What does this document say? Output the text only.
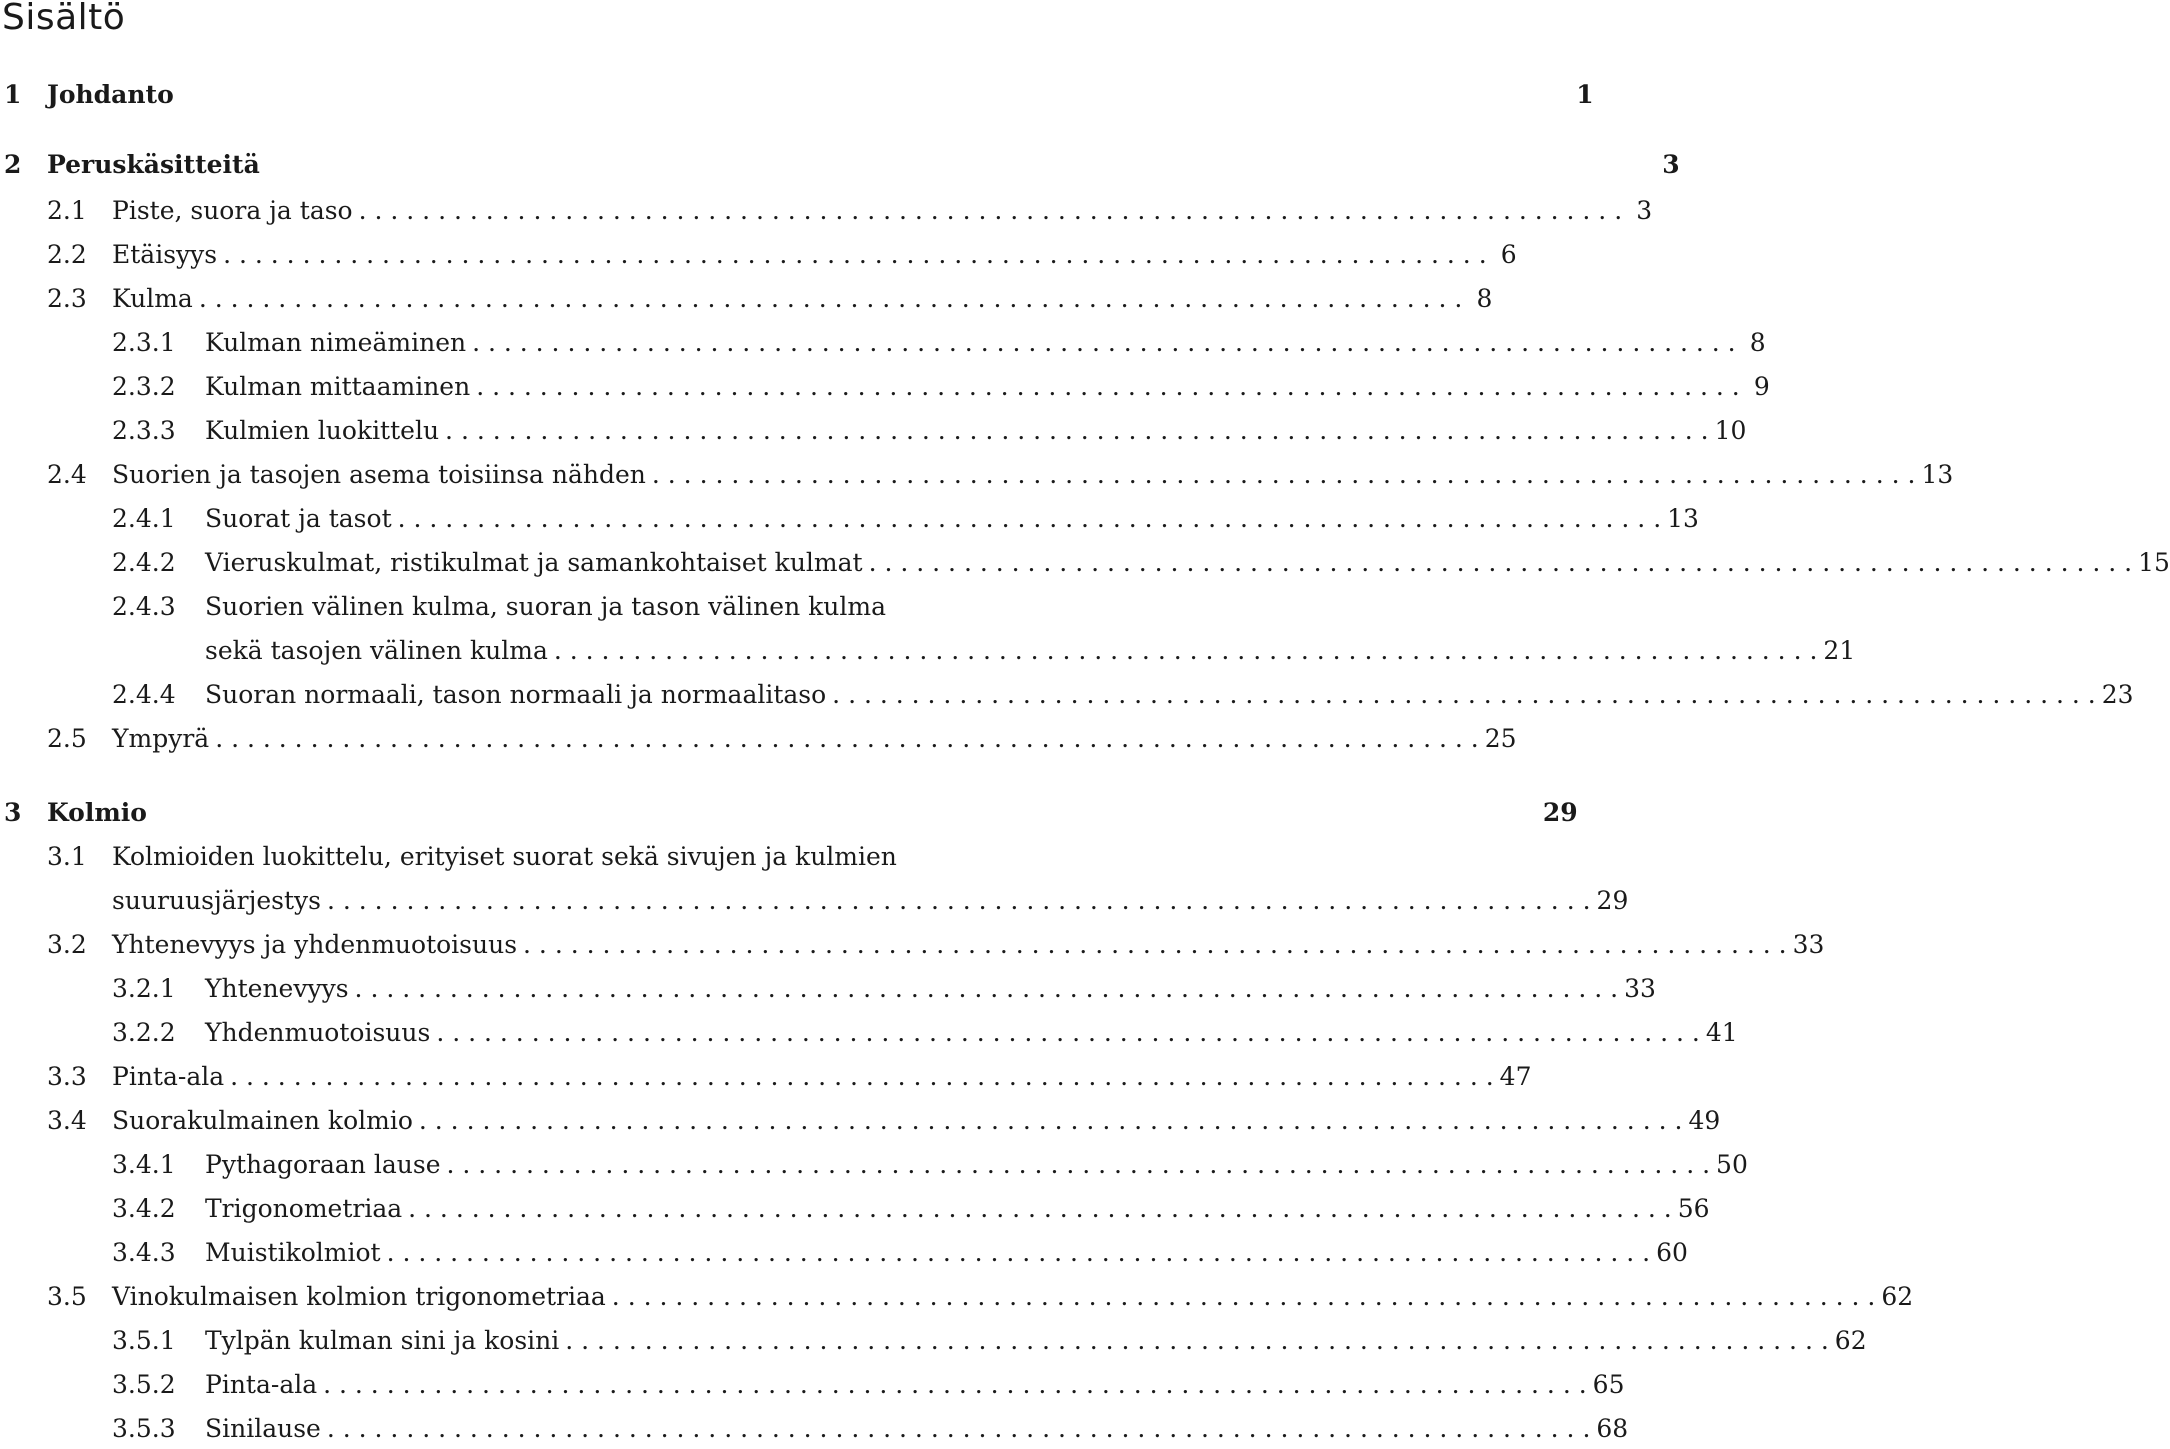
Sisältö
1 Johdanto	1
2 Peruskäsitteitä	3
2.1 Piste, suora ja taso . . . . . . . . . . . . . . . . . . . . . . . . . . . . . . . . . . . . . . . . . . . . . . . . . . . . . . . . . . . . . . . . . . . . . . . . . . . . . . . . 3
2.2 Etäisyys . . . . . . . . . . . . . . . . . . . . . . . . . . . . . . . . . . . . . . . . . . . . . . . . . . . . . . . . . . . . . . . . . . . . . . . . . . . . . . . . 6
2.3 Kulma . . . . . . . . . . . . . . . . . . . . . . . . . . . . . . . . . . . . . . . . . . . . . . . . . . . . . . . . . . . . . . . . . . . . . . . . . . . . . . . . 8
2.3.1 Kulman nimeäminen . . . . . . . . . . . . . . . . . . . . . . . . . . . . . . . . . . . . . . . . . . . . . . . . . . . . . . . . . . . . . . . . . . . . . . . . . . . . . . . . 8
2.3.2 Kulman mittaaminen . . . . . . . . . . . . . . . . . . . . . . . . . . . . . . . . . . . . . . . . . . . . . . . . . . . . . . . . . . . . . . . . . . . . . . . . . . . . . . . . 9
2.3.3 Kulmien luokittelu . . . . . . . . . . . . . . . . . . . . . . . . . . . . . . . . . . . . . . . . . . . . . . . . . . . . . . . . . . . . . . . . . . . . . . . . . . . . . . . . 10
2.4 Suorien ja tasojen asema toisiinsa nähden . . . . . . . . . . . . . . . . . . . . . . . . . . . . . . . . . . . . . . . . . . . . . . . . . . . . . . . . . . . . . . . . . . . . . . . . . . . . . . . . 13
2.4.1 Suorat ja tasot . . . . . . . . . . . . . . . . . . . . . . . . . . . . . . . . . . . . . . . . . . . . . . . . . . . . . . . . . . . . . . . . . . . . . . . . . . . . . . . . 13
2.4.2 Vieruskulmat, ristikulmat ja samankohtaiset kulmat . . . . . . . . . . . . . . . . . . . . . . . . . . . . . . . . . . . . . . . . . . . . . . . . . . . . . . . . . . . . . . . . . . . . . . . . . . . . . . . . 15
2.4.3 Suorien välinen kulma, suoran ja tason välinen kulma
sekä tasojen välinen kulma . . . . . . . . . . . . . . . . . . . . . . . . . . . . . . . . . . . . . . . . . . . . . . . . . . . . . . . . . . . . . . . . . . . . . . . . . . . . . . . . 21
2.4.4 Suoran normaali, tason normaali ja normaalitaso . . . . . . . . . . . . . . . . . . . . . . . . . . . . . . . . . . . . . . . . . . . . . . . . . . . . . . . . . . . . . . . . . . . . . . . . . . . . . . . . 23
2.5 Ympyrä . . . . . . . . . . . . . . . . . . . . . . . . . . . . . . . . . . . . . . . . . . . . . . . . . . . . . . . . . . . . . . . . . . . . . . . . . . . . . . . . 25
3 Kolmio	29
3.1 Kolmioiden luokittelu, erityiset suorat sekä sivujen ja kulmien
suuruusjärjestys . . . . . . . . . . . . . . . . . . . . . . . . . . . . . . . . . . . . . . . . . . . . . . . . . . . . . . . . . . . . . . . . . . . . . . . . . . . . . . . . 29
3.2 Yhtenevyys ja yhdenmuotoisuus . . . . . . . . . . . . . . . . . . . . . . . . . . . . . . . . . . . . . . . . . . . . . . . . . . . . . . . . . . . . . . . . . . . . . . . . . . . . . . . . 33
3.2.1 Yhtenevyys . . . . . . . . . . . . . . . . . . . . . . . . . . . . . . . . . . . . . . . . . . . . . . . . . . . . . . . . . . . . . . . . . . . . . . . . . . . . . . . . 33
3.2.2 Yhdenmuotoisuus . . . . . . . . . . . . . . . . . . . . . . . . . . . . . . . . . . . . . . . . . . . . . . . . . . . . . . . . . . . . . . . . . . . . . . . . . . . . . . . . 41
3.3 Pinta-ala . . . . . . . . . . . . . . . . . . . . . . . . . . . . . . . . . . . . . . . . . . . . . . . . . . . . . . . . . . . . . . . . . . . . . . . . . . . . . . . . 47
3.4 Suorakulmainen kolmio . . . . . . . . . . . . . . . . . . . . . . . . . . . . . . . . . . . . . . . . . . . . . . . . . . . . . . . . . . . . . . . . . . . . . . . . . . . . . . . . 49
3.4.1 Pythagoraan lause . . . . . . . . . . . . . . . . . . . . . . . . . . . . . . . . . . . . . . . . . . . . . . . . . . . . . . . . . . . . . . . . . . . . . . . . . . . . . . . . 50
3.4.2 Trigonometriaa . . . . . . . . . . . . . . . . . . . . . . . . . . . . . . . . . . . . . . . . . . . . . . . . . . . . . . . . . . . . . . . . . . . . . . . . . . . . . . . . 56
3.4.3 Muistikolmiot . . . . . . . . . . . . . . . . . . . . . . . . . . . . . . . . . . . . . . . . . . . . . . . . . . . . . . . . . . . . . . . . . . . . . . . . . . . . . . . . 60
3.5 Vinokulmaisen kolmion trigonometriaa . . . . . . . . . . . . . . . . . . . . . . . . . . . . . . . . . . . . . . . . . . . . . . . . . . . . . . . . . . . . . . . . . . . . . . . . . . . . . . . . 62
3.5.1 Tylpän kulman sini ja kosini . . . . . . . . . . . . . . . . . . . . . . . . . . . . . . . . . . . . . . . . . . . . . . . . . . . . . . . . . . . . . . . . . . . . . . . . . . . . . . . . 62
3.5.2 Pinta-ala . . . . . . . . . . . . . . . . . . . . . . . . . . . . . . . . . . . . . . . . . . . . . . . . . . . . . . . . . . . . . . . . . . . . . . . . . . . . . . . . 65
3.5.3 Sinilause . . . . . . . . . . . . . . . . . . . . . . . . . . . . . . . . . . . . . . . . . . . . . . . . . . . . . . . . . . . . . . . . . . . . . . . . . . . . . . . . 68
